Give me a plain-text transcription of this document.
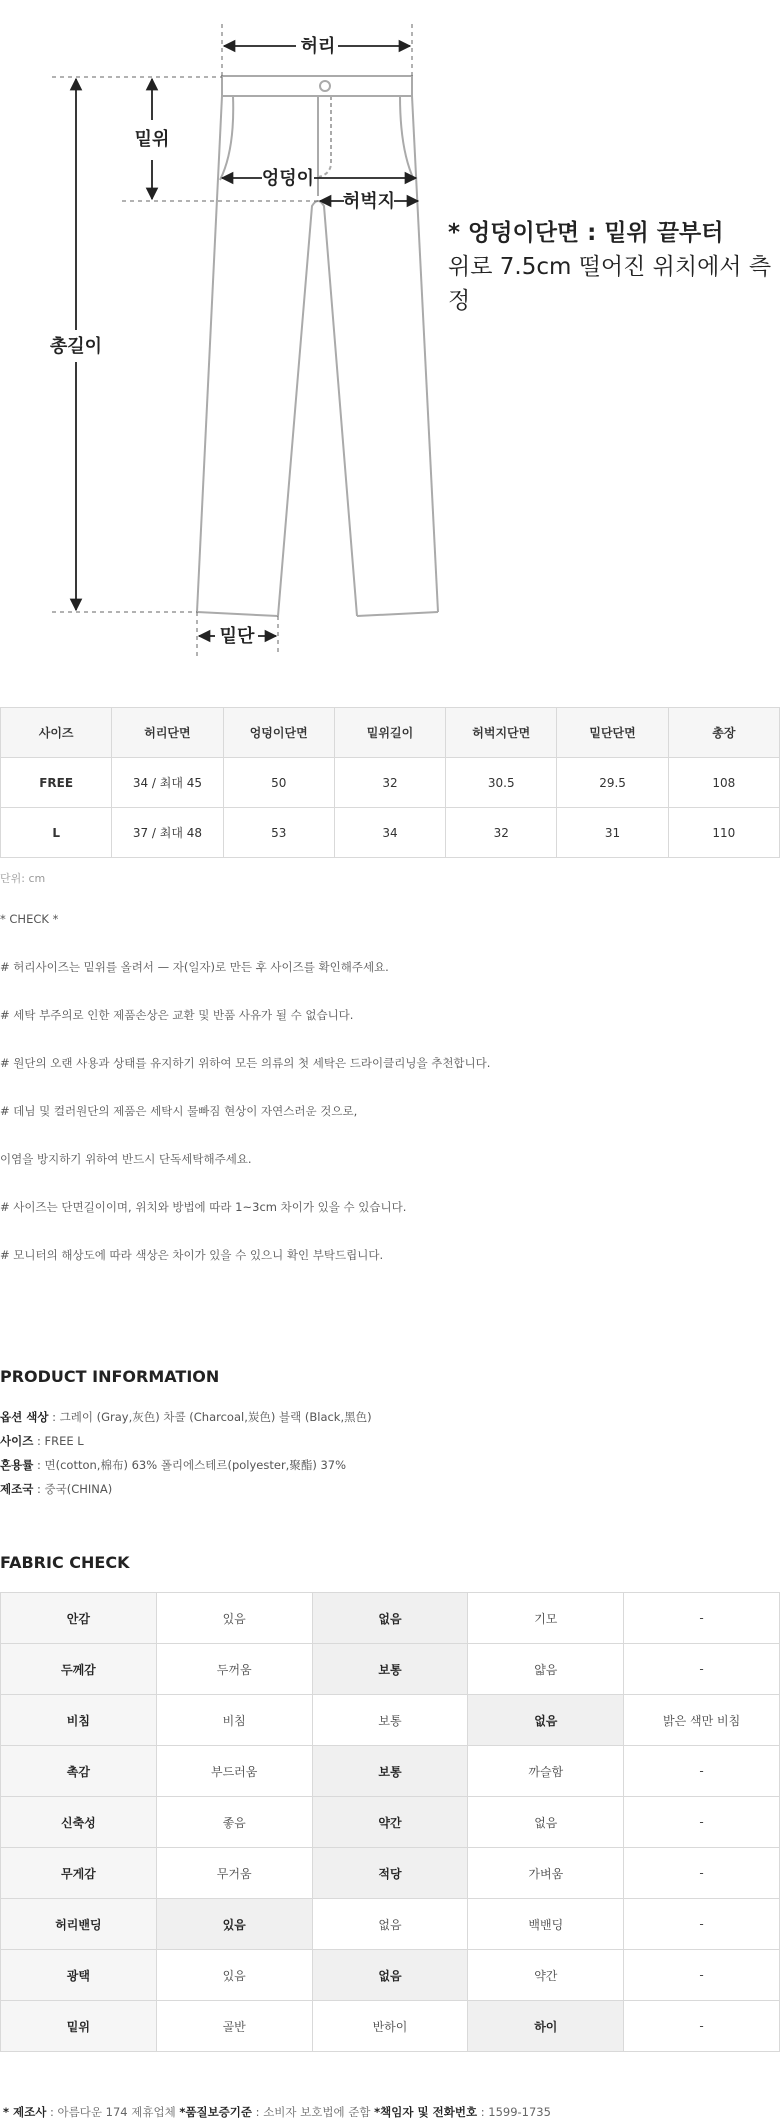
허리
밑위
엉덩이
허벅지
총길이
밑단
* 엉덩이단면 : 밑위 끝부터
위로 7.5cm 떨어진 위치에서 측정
사이즈	허리단면	엉덩이단면	밑위길이	허벅지단면	밑단단면	총장
FREE	34 / 최대 45	50	32	30.5	29.5	108
L	37 / 최대 48	53	34	32	31	110
단위: cm

* CHECK *

# 허리사이즈는 밑위를 올려서 — 자(일자)로 만든 후 사이즈를 확인해주세요.

# 세탁 부주의로 인한 제품손상은 교환 및 반품 사유가 될 수 없습니다.

# 원단의 오랜 사용과 상태를 유지하기 위하여 모든 의류의 첫 세탁은 드라이클리닝을 추천합니다.

# 데님 및 컬러원단의 제품은 세탁시 물빠짐 현상이 자연스러운 것으로,

이염을 방지하기 위하여 반드시 단독세탁해주세요.

# 사이즈는 단면길이이며, 위치와 방법에 따라 1~3cm 차이가 있을 수 있습니다.

# 모니터의 해상도에 따라 색상은 차이가 있을 수 있으니 확인 부탁드립니다.

PRODUCT INFORMATION
옵션 색상 : 그레이 (Gray,灰色) 차콜 (Charcoal,炭色) 블랙 (Black,黑色)
사이즈 : FREE L
혼용률 : 면(cotton,棉布) 63% 폴리에스테르(polyester,聚酯) 37%
제조국 : 중국(CHINA)
FABRIC CHECK
안감	있음	없음	기모	-
두께감	두꺼움	보통	얇음	-
비침	비침	보통	없음	밝은 색만 비침
촉감	부드러움	보통	까슬함	-
신축성	좋음	약간	없음	-
무게감	무거움	적당	가벼움	-
허리밴딩	있음	없음	백밴딩	-
광택	있음	없음	약간	-
밑위	골반	반하이	하이	-
* 제조사 : 아름다운 174 제휴업체 *품질보증기준 : 소비자 보호법에 준함 *책임자 및 전화번호 : 1599-1735
